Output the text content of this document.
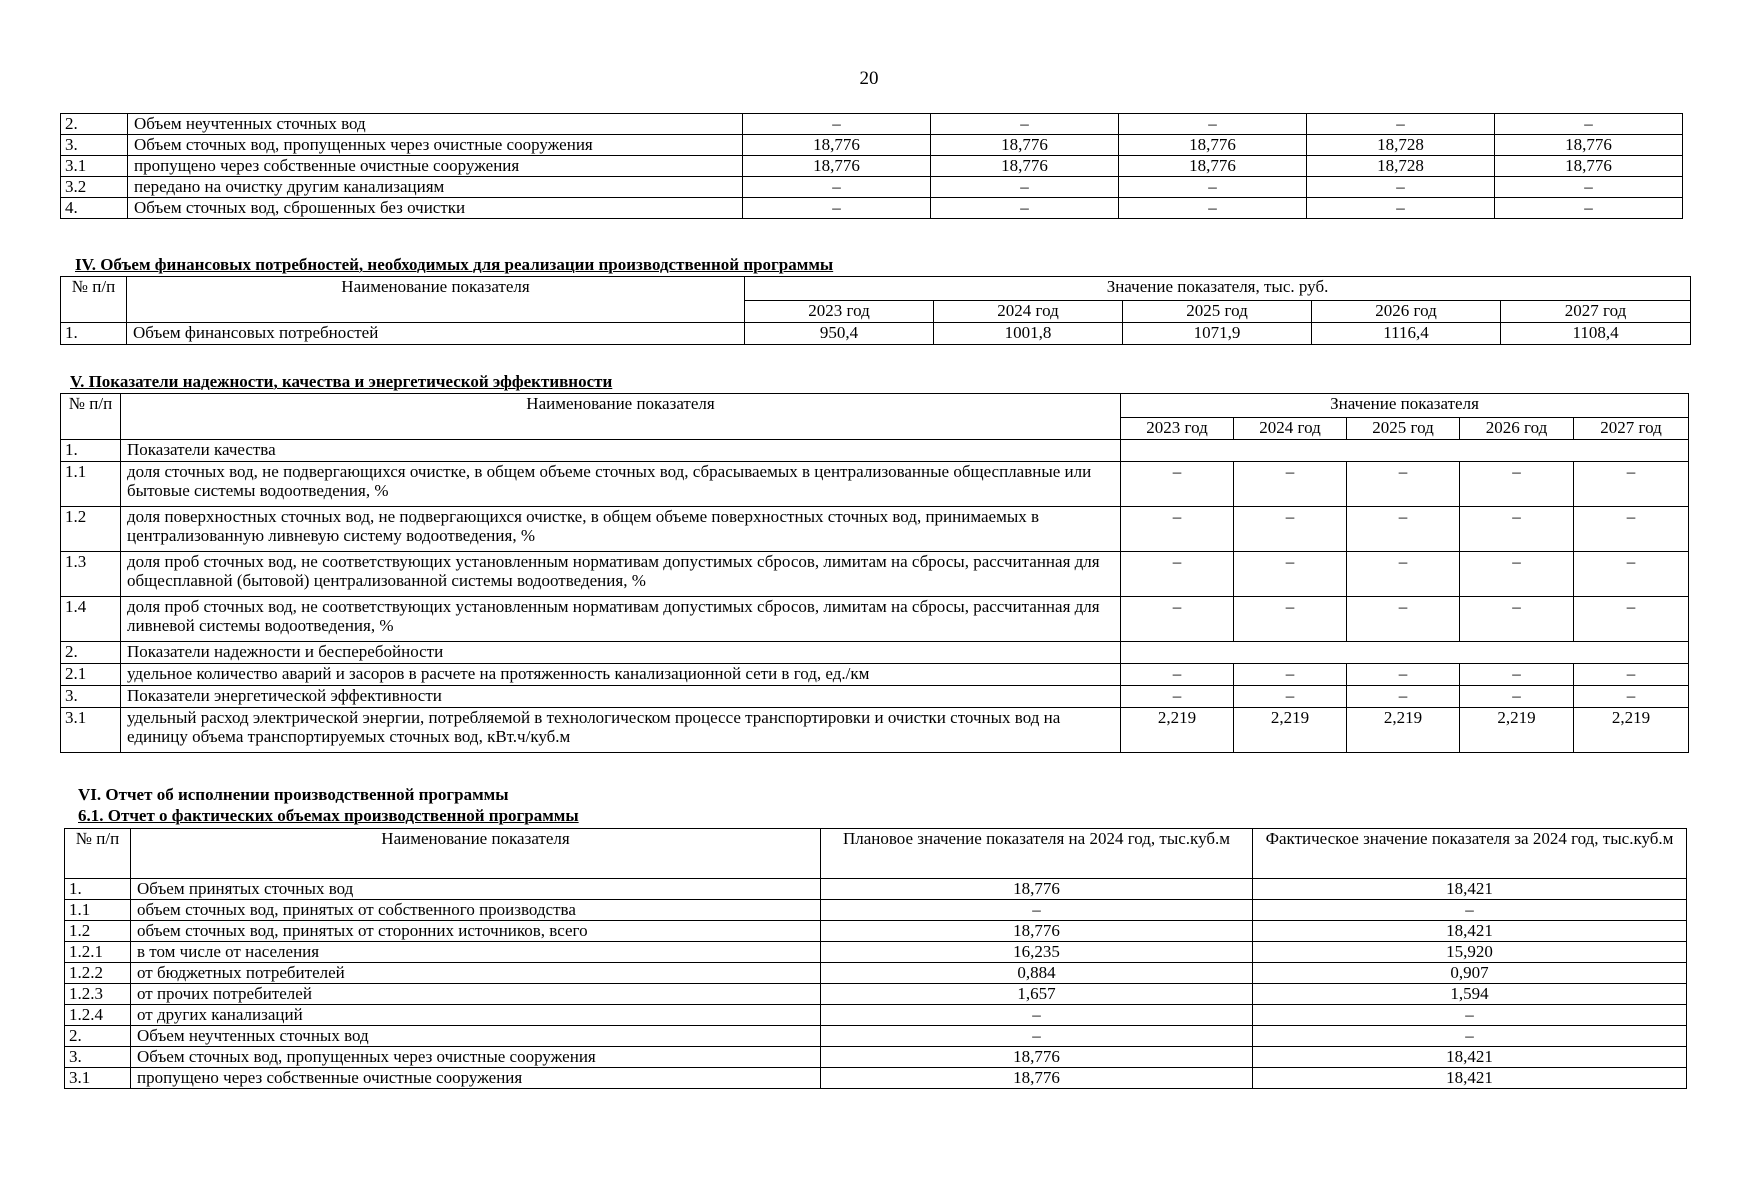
20
2.	Объем неучтенных сточных вод	–	–	–	–	–
3.	Объем сточных вод, пропущенных через очистные сооружения	18,776	18,776	18,776	18,728	18,776
3.1	пропущено через собственные очистные сооружения	18,776	18,776	18,776	18,728	18,776
3.2	передано на очистку другим канализациям	–	–	–	–	–
4.	Объем сточных вод, сброшенных без очистки	–	–	–	–	–
IV. Объем финансовых потребностей, необходимых для реализации производственной программы
№ п/п	Наименование показателя	Значение показателя, тыс. руб.				
		2023 год	2024 год	2025 год	2026 год	2027 год
1.	Объем финансовых потребностей	950,4	1001,8	1071,9	1116,4	1108,4
V. Показатели надежности, качества и энергетической эффективности
№ п/п	Наименование показателя	Значение показателя				
		2023 год	2024 год	2025 год	2026 год	2027 год
1.	Показатели качества					
1.1	доля сточных вод, не подвергающихся очистке, в общем объеме сточных вод, сбрасываемых в централизованные общесплавные или бытовые системы водоотведения, %	–	–	–	–	–
1.2	доля поверхностных сточных вод, не подвергающихся очистке, в общем объеме поверхностных сточных вод, принимаемых в централизованную ливневую систему водоотведения, %	–	–	–	–	–
1.3	доля проб сточных вод, не соответствующих установленным нормативам допустимых сбросов, лимитам на сбросы, рассчитанная для общесплавной (бытовой) централизованной системы водоотведения, %	–	–	–	–	–
1.4	доля проб сточных вод, не соответствующих установленным нормативам допустимых сбросов, лимитам на сбросы, рассчитанная для ливневой системы водоотведения, %	–	–	–	–	–
2.	Показатели надежности и бесперебойности					
2.1	удельное количество аварий и засоров в расчете на протяженность канализационной сети в год, ед./км	–	–	–	–	–
3.	Показатели энергетической эффективности	–	–	–	–	–
3.1	удельный расход электрической энергии, потребляемой в технологическом процессе транспортировки и очистки сточных вод на единицу объема транспортируемых сточных вод, кВт.ч/куб.м	2,219	2,219	2,219	2,219	2,219
VI. Отчет об исполнении производственной программы
6.1. Отчет о фактических объемах производственной программы
№ п/п	Наименование показателя	Плановое значение показателя на 2024 год, тыс.куб.м	Фактическое значение показателя за 2024 год, тыс.куб.м
1.	Объем принятых сточных вод	18,776	18,421
1.1	объем сточных вод, принятых от собственного производства	–	–
1.2	объем сточных вод, принятых от сторонних источников, всего	18,776	18,421
1.2.1	в том числе от населения	16,235	15,920
1.2.2	от бюджетных потребителей	0,884	0,907
1.2.3	от прочих потребителей	1,657	1,594
1.2.4	от других канализаций	–	–
2.	Объем неучтенных сточных вод	–	–
3.	Объем сточных вод, пропущенных через очистные сооружения	18,776	18,421
3.1	пропущено через собственные очистные сооружения	18,776	18,421
